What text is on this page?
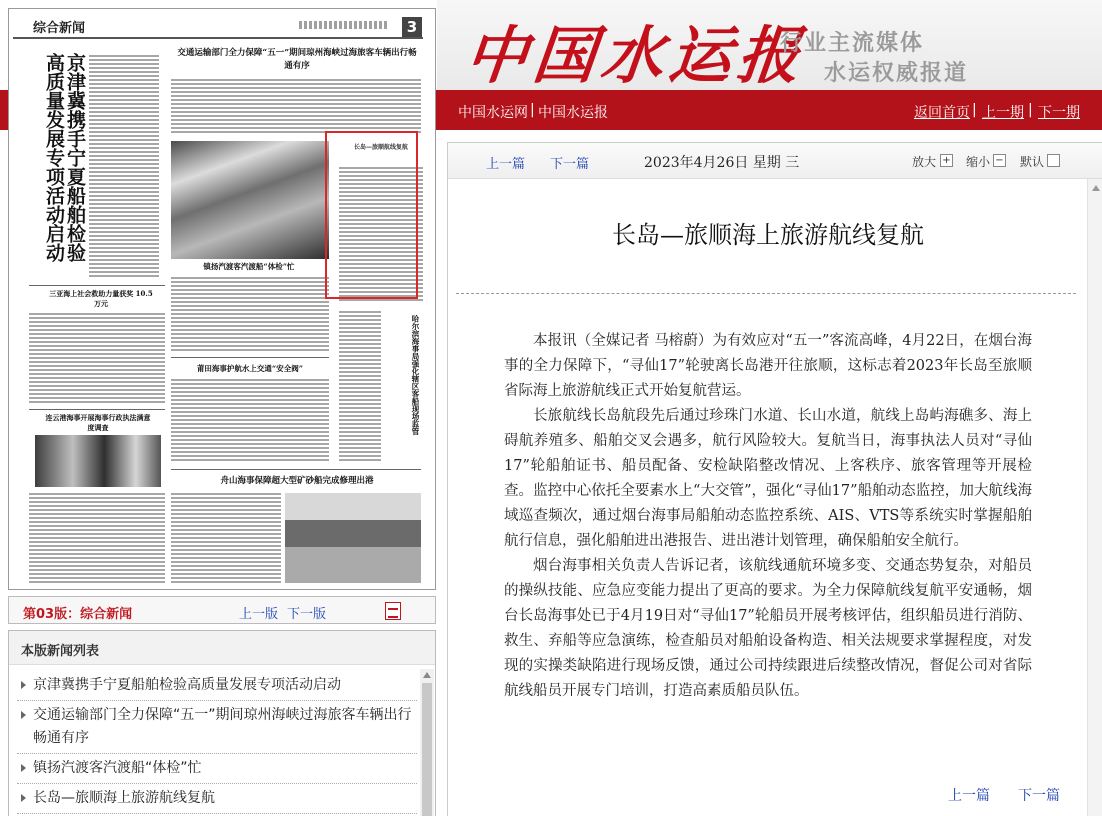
综合新闻	3
京津冀携手宁夏船舶检验高质量发展专项活动启动
三亚海上社会救助力量获奖 10.5 万元
连云港海事开展海事行政执法满意度调查
交通运输部门全力保障“五一”期间琼州海峡过海旅客车辆出行畅通有序
镇扬汽渡客汽渡船“体检”忙
长岛—旅顺航线复航
哈尔滨海事局强化辖区客船现场监管
莆田海事护航水上交通“安全阀”
舟山海事保障超大型矿砂船完成修理出港
第03版：综合新闻	上一版 下一版
本版新闻列表
京津冀携手宁夏船舶检验高质量发展专项活动启动
交通运输部门全力保障“五一”期间琼州海峡过海旅客车辆出行畅通有序
镇扬汽渡客汽渡船“体检”忙
长岛—旅顺海上旅游航线复航
中国水运报
行业主流媒体
水运权威报道
中国水运网 | 中国水运报	返回首页 | 上一期 | 下一期
上一篇 下一篇	2023年4月26日 星期 三	放大 + 缩小 − 默认
长岛—旅顺海上旅游航线复航

本报讯（全媒记者 马榕蔚）为有效应对“五一”客流高峰，4月22日，在烟台海事的全力保障下，“寻仙17”轮驶离长岛港开往旅顺，这标志着2023年长岛至旅顺省际海上旅游航线正式开始复航营运。

长旅航线长岛航段先后通过珍珠门水道、长山水道，航线上岛屿海礁多、海上碍航养殖多、船舶交叉会遇多，航行风险较大。复航当日，海事执法人员对“寻仙17”轮船舶证书、船员配备、安检缺陷整改情况、上客秩序、旅客管理等开展检查。监控中心依托全要素水上“大交管”，强化“寻仙17”船舶动态监控，加大航线海域巡查频次，通过烟台海事局船舶动态监控系统、AIS、VTS等系统实时掌握船舶航行信息，强化船舶进出港报告、进出港计划管理，确保船舶安全航行。

烟台海事相关负责人告诉记者，该航线通航环境多变、交通态势复杂，对船员的操纵技能、应急应变能力提出了更高的要求。为全力保障航线复航平安通畅，烟台长岛海事处已于4月19日对“寻仙17”轮船员开展考核评估，组织船员进行消防、救生、弃船等应急演练，检查船员对船舶设备构造、相关法规要求掌握程度，对发现的实操类缺陷进行现场反馈，通过公司持续跟进后续整改情况，督促公司对省际航线船员开展专门培训，打造高素质船员队伍。

上一篇 下一篇
